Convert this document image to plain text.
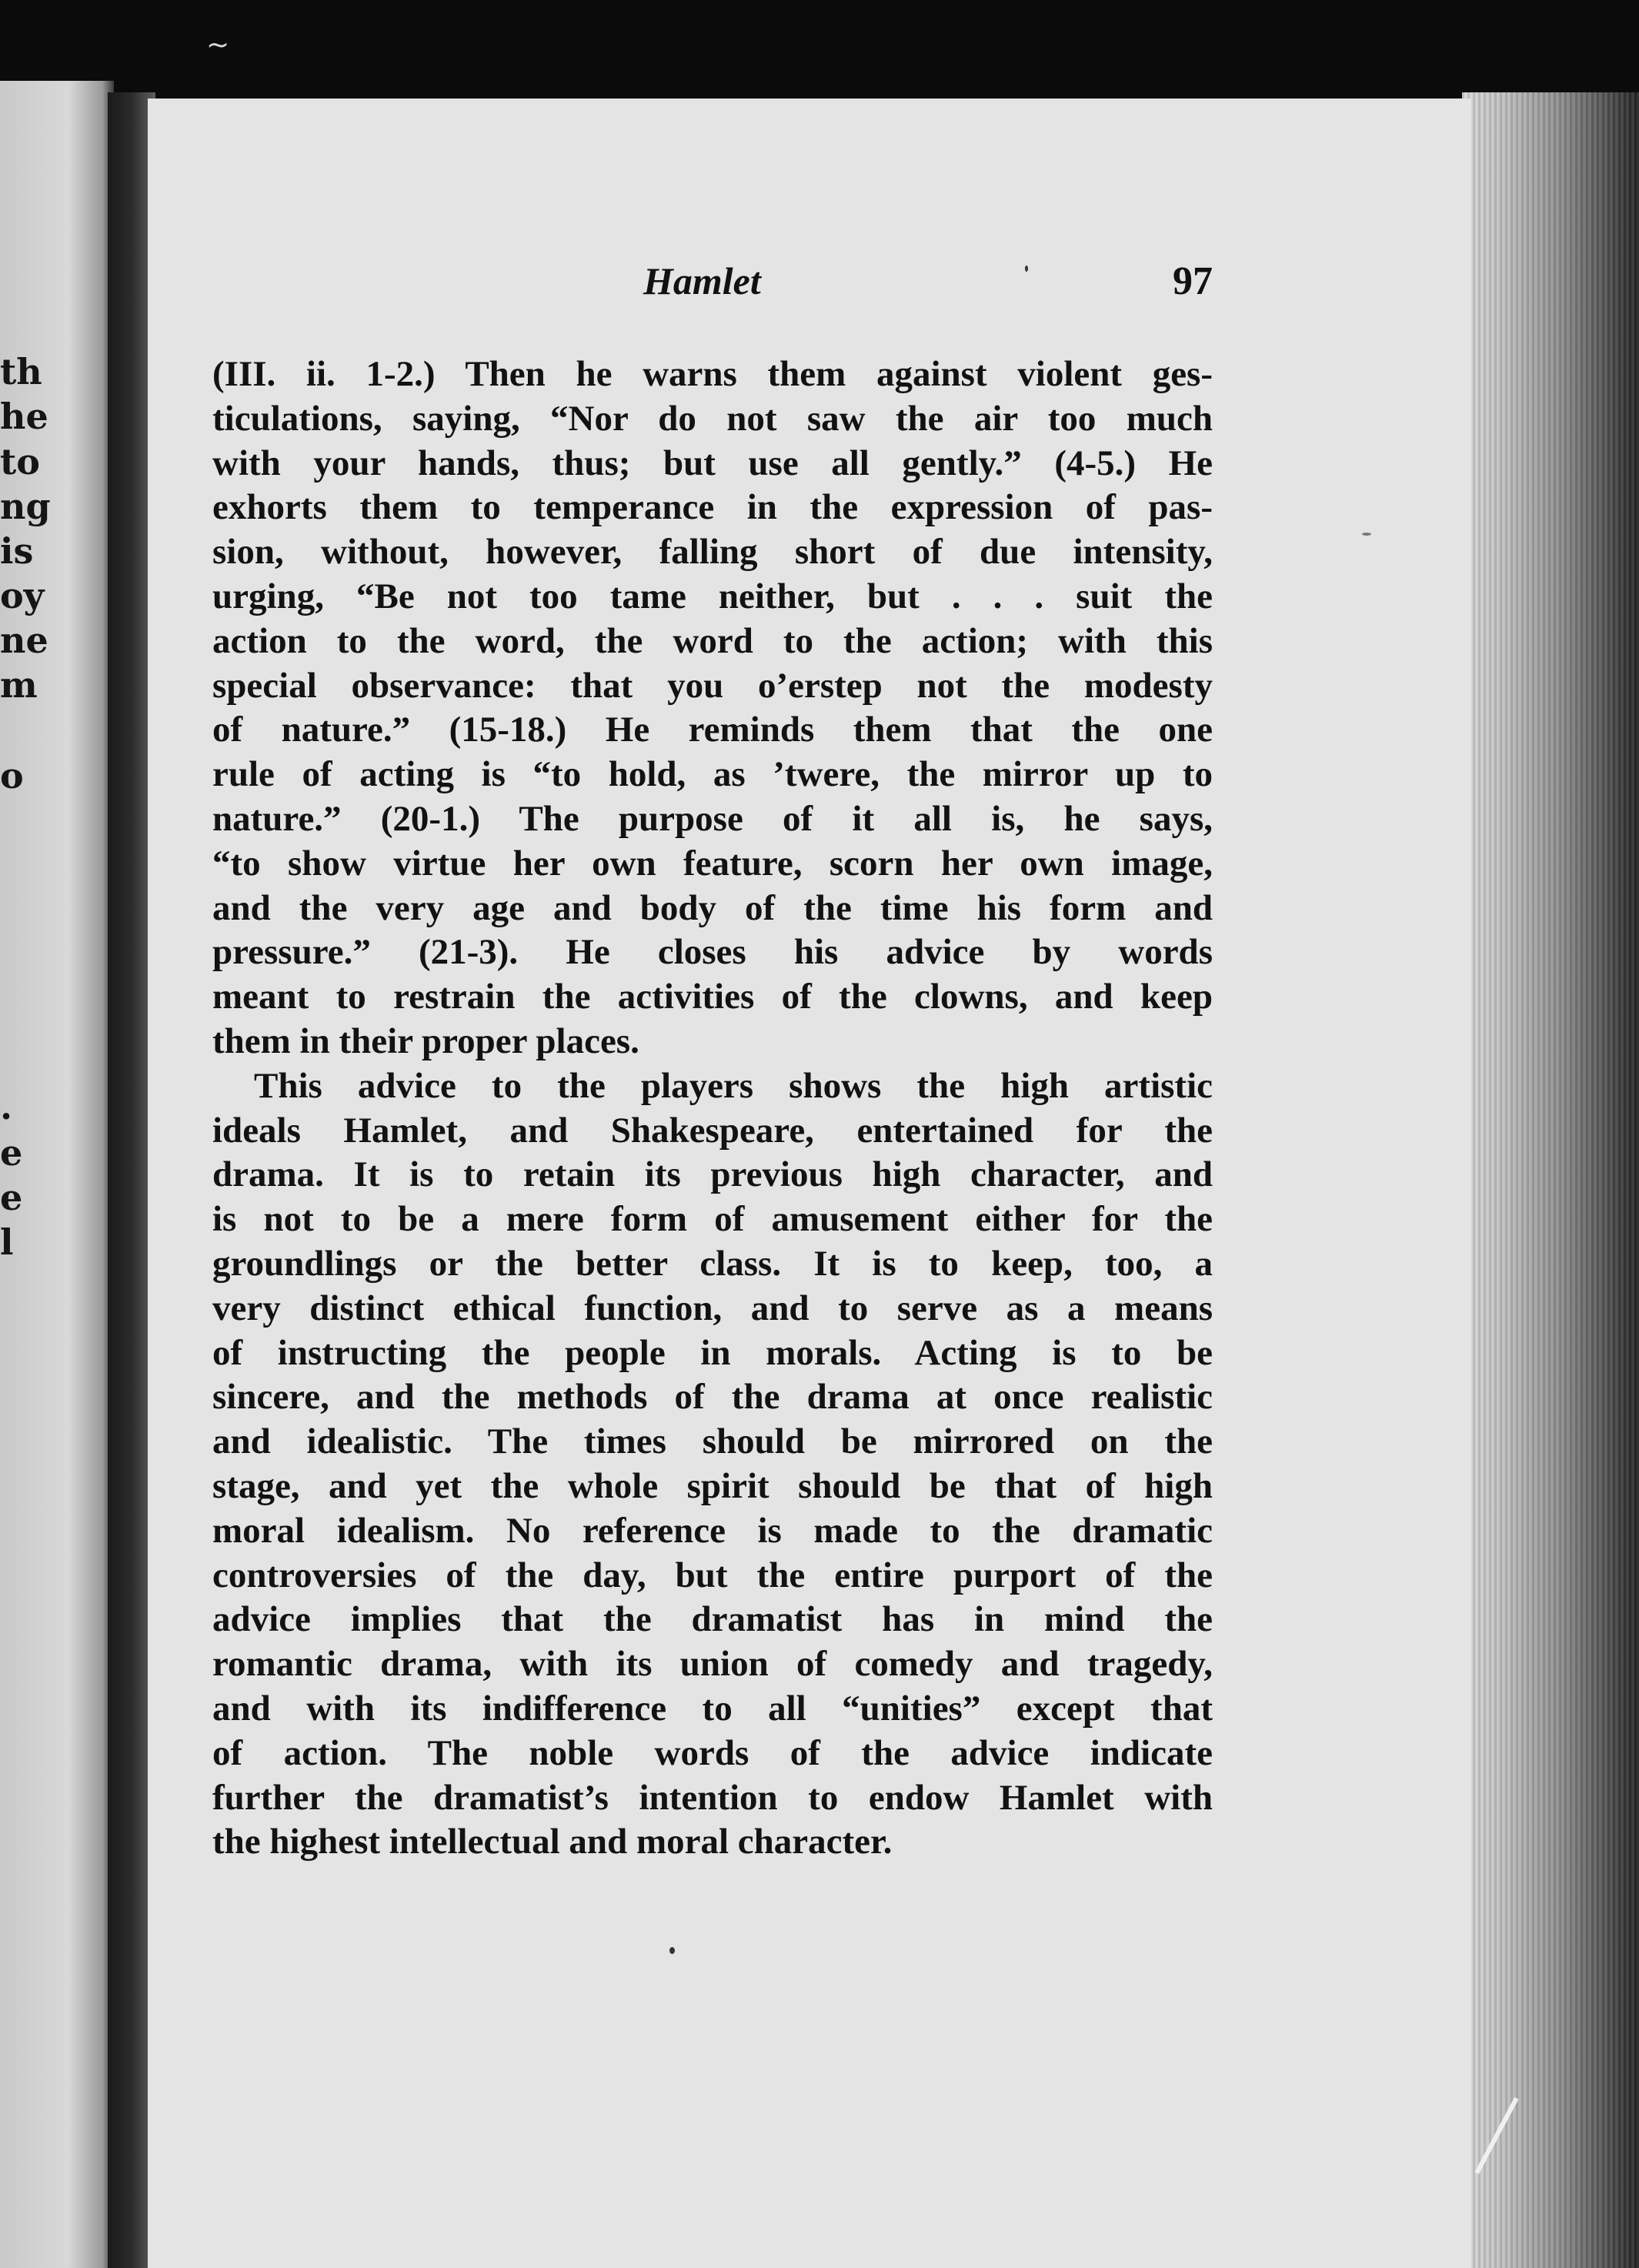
~
th
he
to
ng
is
oy
ne
m
o
.
e
e
l
Hamlet	97
(III. ii. 1-2.) Then he warns them against violent ges-
ticulations, saying, “Nor do not saw the air too much
with your hands, thus; but use all gently.” (4-5.) He
exhorts them to temperance in the expression of pas-
sion, without, however, falling short of due intensity,
urging, “Be not too tame neither, but . . . suit the
action to the word, the word to the action; with this
special observance: that you o’erstep not the modesty
of nature.” (15-18.) He reminds them that the one
rule of acting is “to hold, as ’twere, the mirror up to
nature.” (20-1.) The purpose of it all is, he says,
“to show virtue her own feature, scorn her own image,
and the very age and body of the time his form and
pressure.” (21-3). He closes his advice by words
meant to restrain the activities of the clowns, and keep
them in their proper places.
This advice to the players shows the high artistic
ideals Hamlet, and Shakespeare, entertained for the
drama. It is to retain its previous high character, and
is not to be a mere form of amusement either for the
groundlings or the better class. It is to keep, too, a
very distinct ethical function, and to serve as a means
of instructing the people in morals. Acting is to be
sincere, and the methods of the drama at once realistic
and idealistic. The times should be mirrored on the
stage, and yet the whole spirit should be that of high
moral idealism. No reference is made to the dramatic
controversies of the day, but the entire purport of the
advice implies that the dramatist has in mind the
romantic drama, with its union of comedy and tragedy,
and with its indifference to all “unities” except that
of action. The noble words of the advice indicate
further the dramatist’s intention to endow Hamlet with
the highest intellectual and moral character.
